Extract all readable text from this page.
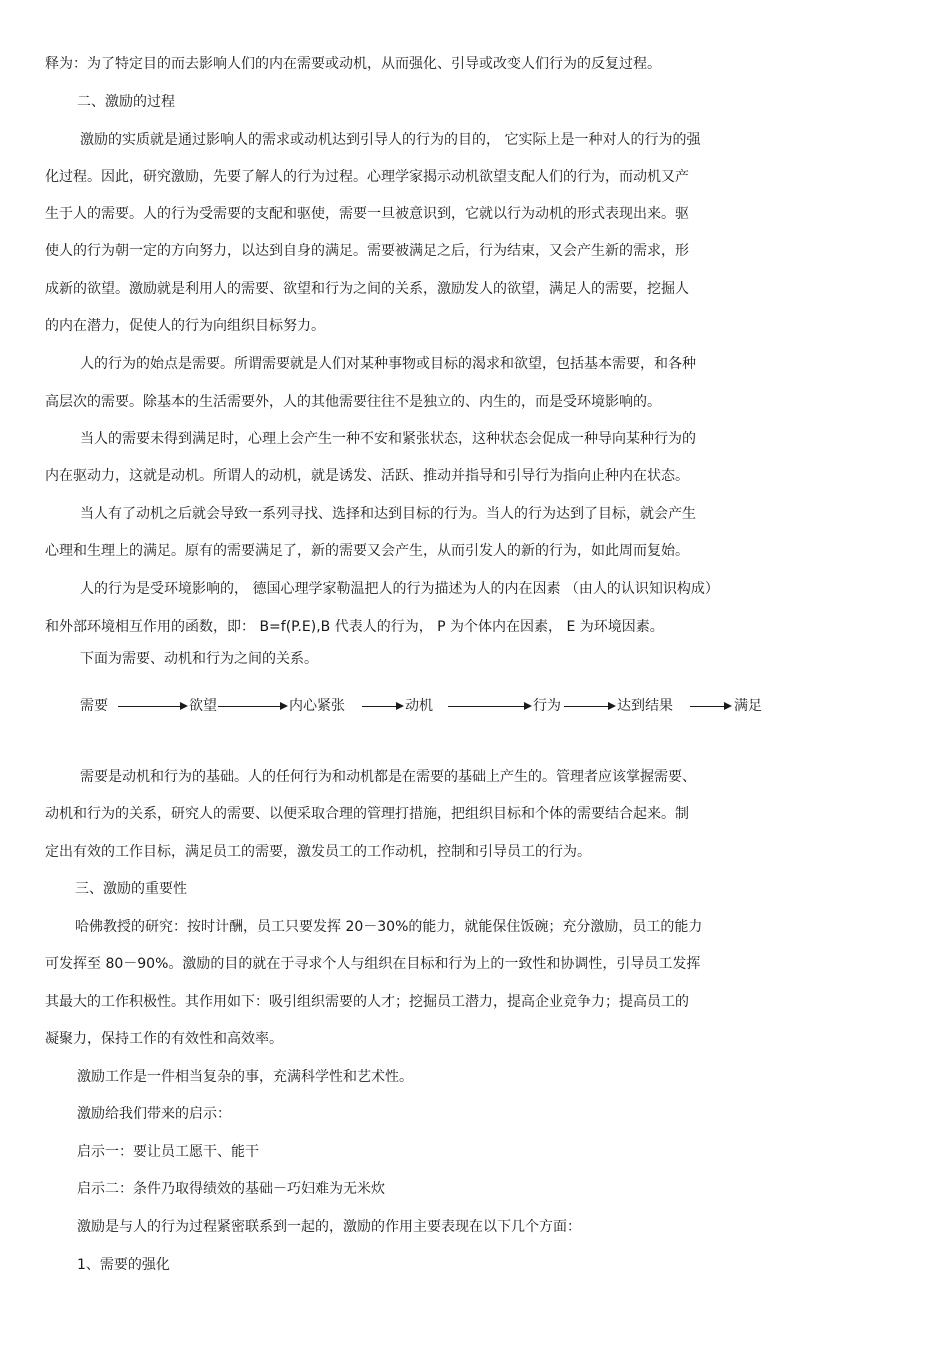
释为：为了特定目的而去影响人们的内在需要或动机，从而强化、引导或改变人们行为的反复过程。
二、激励的过程
激励的实质就是通过影响人的需求或动机达到引导人的行为的目的， 它实际上是一种对人的行为的强
化过程。因此，研究激励，先要了解人的行为过程。心理学家揭示动机欲望支配人们的行为，而动机又产
生于人的需要。人的行为受需要的支配和驱使，需要一旦被意识到，它就以行为动机的形式表现出来。驱
使人的行为朝一定的方向努力，以达到自身的满足。需要被满足之后，行为结束，又会产生新的需求，形
成新的欲望。激励就是利用人的需要、欲望和行为之间的关系，激励发人的欲望，满足人的需要，挖掘人
的内在潜力，促使人的行为向组织目标努力。
人的行为的始点是需要。所谓需要就是人们对某种事物或目标的渴求和欲望，包括基本需要，和各种
高层次的需要。除基本的生活需要外，人的其他需要往往不是独立的、内生的，而是受环境影响的。
当人的需要未得到满足时，心理上会产生一种不安和紧张状态，这种状态会促成一种导向某种行为的
内在驱动力，这就是动机。所谓人的动机，就是诱发、活跃、推动并指导和引导行为指向止种内在状态。
当人有了动机之后就会导致一系列寻找、选择和达到目标的行为。当人的行为达到了目标，就会产生
心理和生理上的满足。原有的需要满足了，新的需要又会产生，从而引发人的新的行为，如此周而复始。
人的行为是受环境影响的， 德国心理学家勒温把人的行为描述为人的内在因素 （由人的认识知识构成）
和外部环境相互作用的函数，即： B=f(P.E),B 代表人的行为， P 为个体内在因素， E 为环境因素。
下面为需要、动机和行为之间的关系。
需要	欲望	内心紧张	动机	行为	达到结果	满足
需要是动机和行为的基础。人的任何行为和动机都是在需要的基础上产生的。管理者应该掌握需要、
动机和行为的关系，研究人的需要、以便采取合理的管理打措施，把组织目标和个体的需要结合起来。制
定出有效的工作目标，满足员工的需要，激发员工的工作动机，控制和引导员工的行为。
三、激励的重要性
哈佛教授的研究：按时计酬，员工只要发挥 20－30%的能力，就能保住饭碗；充分激励，员工的能力
可发挥至 80－90%。激励的目的就在于寻求个人与组织在目标和行为上的一致性和协调性，引导员工发挥
其最大的工作积极性。其作用如下：吸引组织需要的人才；挖掘员工潜力，提高企业竞争力；提高员工的
凝聚力，保持工作的有效性和高效率。
激励工作是一件相当复杂的事，充满科学性和艺术性。
激励给我们带来的启示：
启示一：要让员工愿干、能干
启示二：条件乃取得绩效的基础－巧妇难为无米炊
激励是与人的行为过程紧密联系到一起的，激励的作用主要表现在以下几个方面：
1、需要的强化
